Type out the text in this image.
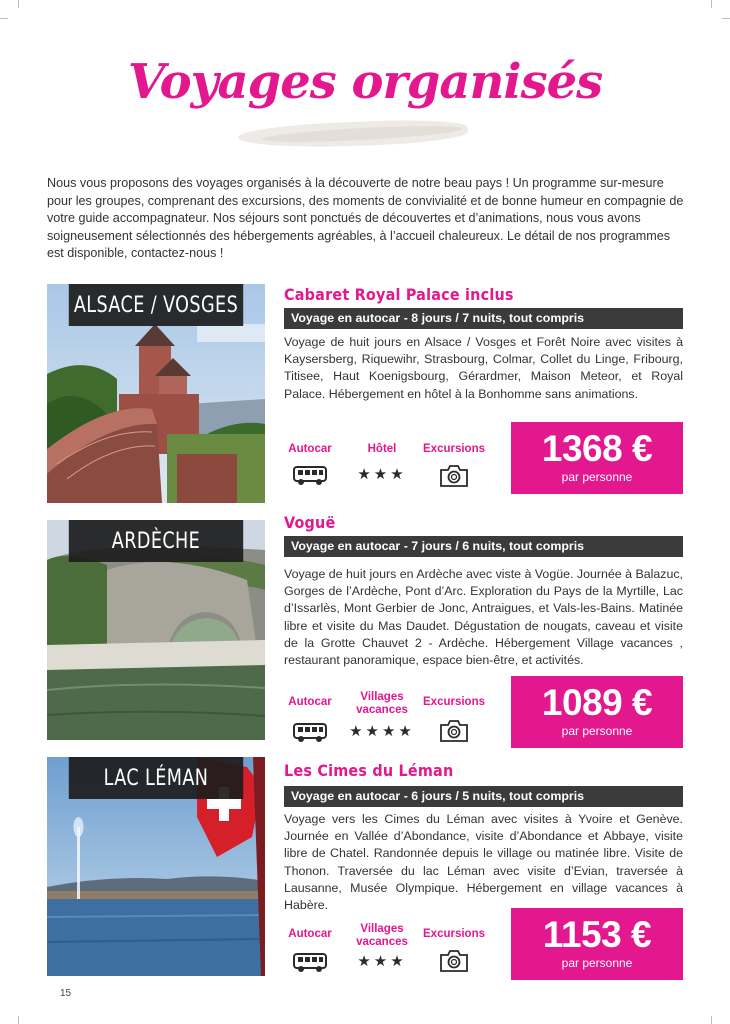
Voyages organisés

Nous vous proposons des voyages organisés à la découverte de notre beau pays ! Un programme sur-mesure pour les groupes, comprenant des excursions, des moments de convivialité et de bonne humeur en compagnie de votre guide accompagnateur. Nos séjours sont ponctués de découvertes et d’animations, nous vous avons soigneusement sélectionnés des hébergements agréables, à l’accueil chaleureux. Le détail de nos programmes est disponible, contactez-nous !

ALSACE / VOSGES	Cabaret Royal Palace inclus
Voyage en autocar - 8 jours / 7 nuits, tout compris

Voyage de huit jours en Alsace / Vosges et Forêt Noire avec visites à Kaysersberg, Riquewihr, Strasbourg, Colmar, Collet du Linge, Fribourg, Titisee, Haut Koenigsbourg, Gérardmer, Maison Meteor, et Royal Palace. Hébergement en hôtel à la Bonhomme sans animations.

Autocar	Hôtel
★★★
Excursions	1368 €
par personne
ARDÈCHE
Voguë
Voyage en autocar - 7 jours / 6 nuits, tout compris

Voyage de huit jours en Ardèche avec viste à Vogüe. Journée à Balazuc, Gorges de l’Ardèche, Pont d’Arc. Exploration du Pays de la Myrtille, Lac d’Issarlès, Mont Gerbier de Jonc, Antraigues, et Vals-les-Bains. Matinée libre et visite du Mas Daudet. Dégustation de nougats, caveau et visite de la Grotte Chauvet 2 - Ardèche. Hébergement Village vacances , restaurant panoramique, espace bien-être, et activités.

Autocar	Villages vacances
★★★★
Excursions	1089 €
par personne
LAC LÉMAN	Les Cimes du Léman
Voyage en autocar - 6 jours / 5 nuits, tout compris

Voyage vers les Cimes du Léman avec visites à Yvoire et Genève. Journée en Vallée d’Abondance, visite d’Abondance et Abbaye, visite libre de Chatel. Randonnée depuis le village ou matinée libre. Visite de Thonon. Traversée du lac Léman avec visite d’Evian, traversée à Lausanne, Musée Olympique. Hébergement en village vacances à Habère.

Autocar	Villages vacances
★★★
Excursions	1153 €
par personne
15
